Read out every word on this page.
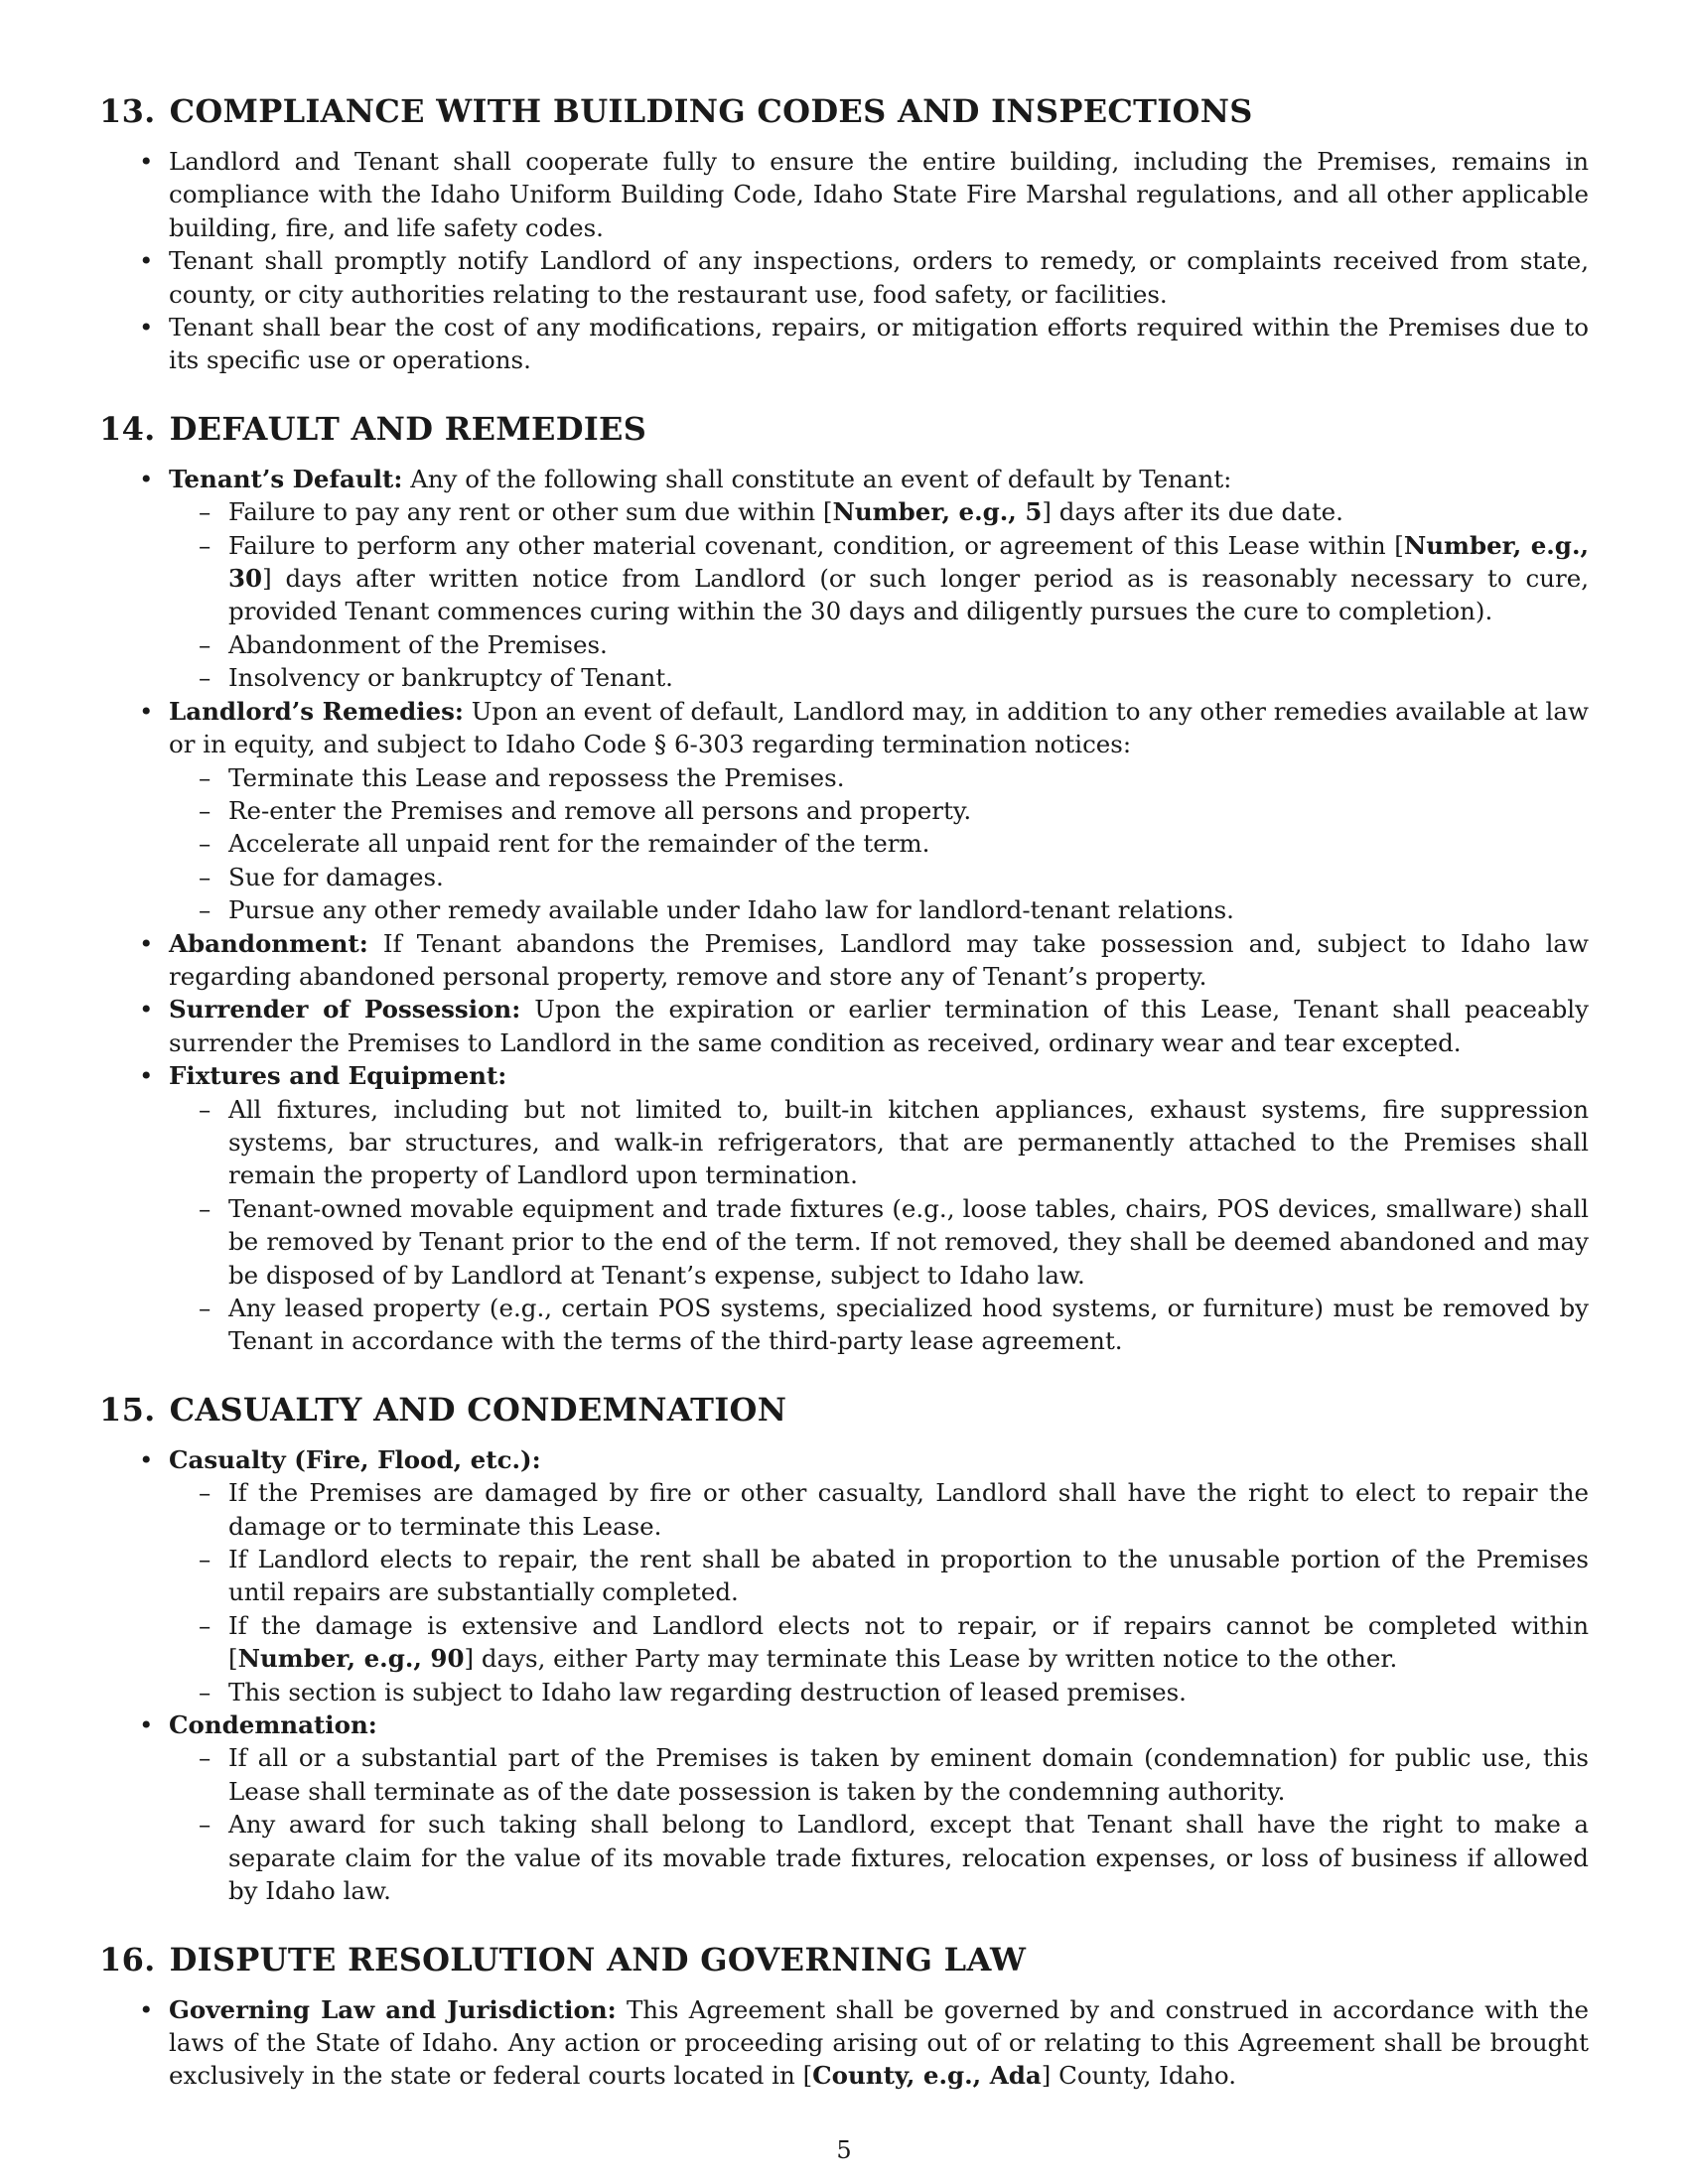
13. COMPLIANCE WITH BUILDING CODES AND INSPECTIONS
• Landlord and Tenant shall cooperate fully to ensure the entire building, including the Premises, remains in compliance with the Idaho Uniform Building Code, Idaho State Fire Marshal regulations, and all other applicable building, fire, and life safety codes.
• Tenant shall promptly notify Landlord of any inspections, orders to remedy, or complaints received from state, county, or city authorities relating to the restaurant use, food safety, or facilities.
• Tenant shall bear the cost of any modifications, repairs, or mitigation efforts required within the Premises due to its specific use or operations.
14. DEFAULT AND REMEDIES
• Tenant’s Default: Any of the following shall constitute an event of default by Tenant:
– Failure to pay any rent or other sum due within [Number, e.g., 5] days after its due date.
– Failure to perform any other material covenant, condition, or agreement of this Lease within [Number, e.g., 30] days after written notice from Landlord (or such longer period as is reasonably necessary to cure, provided Tenant commences curing within the 30 days and diligently pursues the cure to completion).
– Abandonment of the Premises.
– Insolvency or bankruptcy of Tenant.
• Landlord’s Remedies: Upon an event of default, Landlord may, in addition to any other remedies available at law or in equity, and subject to Idaho Code § 6-303 regarding termination notices:
– Terminate this Lease and repossess the Premises.
– Re-enter the Premises and remove all persons and property.
– Accelerate all unpaid rent for the remainder of the term.
– Sue for damages.
– Pursue any other remedy available under Idaho law for landlord-tenant relations.
• Abandonment: If Tenant abandons the Premises, Landlord may take possession and, subject to Idaho law regarding abandoned personal property, remove and store any of Tenant’s property.
• Surrender of Possession: Upon the expiration or earlier termination of this Lease, Tenant shall peaceably surrender the Premises to Landlord in the same condition as received, ordinary wear and tear excepted.
• Fixtures and Equipment:
– All fixtures, including but not limited to, built-in kitchen appliances, exhaust systems, fire suppression systems, bar structures, and walk-in refrigerators, that are permanently attached to the Premises shall remain the property of Landlord upon termination.
– Tenant-owned movable equipment and trade fixtures (e.g., loose tables, chairs, POS devices, smallware) shall be removed by Tenant prior to the end of the term. If not removed, they shall be deemed abandoned and may be disposed of by Landlord at Tenant’s expense, subject to Idaho law.
– Any leased property (e.g., certain POS systems, specialized hood systems, or furniture) must be removed by Tenant in accordance with the terms of the third-party lease agreement.
15. CASUALTY AND CONDEMNATION
• Casualty (Fire, Flood, etc.):
– If the Premises are damaged by fire or other casualty, Landlord shall have the right to elect to repair the damage or to terminate this Lease.
– If Landlord elects to repair, the rent shall be abated in proportion to the unusable portion of the Premises until repairs are substantially completed.
– If the damage is extensive and Landlord elects not to repair, or if repairs cannot be completed within [Number, e.g., 90] days, either Party may terminate this Lease by written notice to the other.
– This section is subject to Idaho law regarding destruction of leased premises.
• Condemnation:
– If all or a substantial part of the Premises is taken by eminent domain (condemnation) for public use, this Lease shall terminate as of the date possession is taken by the condemning authority.
– Any award for such taking shall belong to Landlord, except that Tenant shall have the right to make a separate claim for the value of its movable trade fixtures, relocation expenses, or loss of business if allowed by Idaho law.
16. DISPUTE RESOLUTION AND GOVERNING LAW
• Governing Law and Jurisdiction: This Agreement shall be governed by and construed in accordance with the laws of the State of Idaho. Any action or proceeding arising out of or relating to this Agreement shall be brought exclusively in the state or federal courts located in [County, e.g., Ada] County, Idaho.
5
